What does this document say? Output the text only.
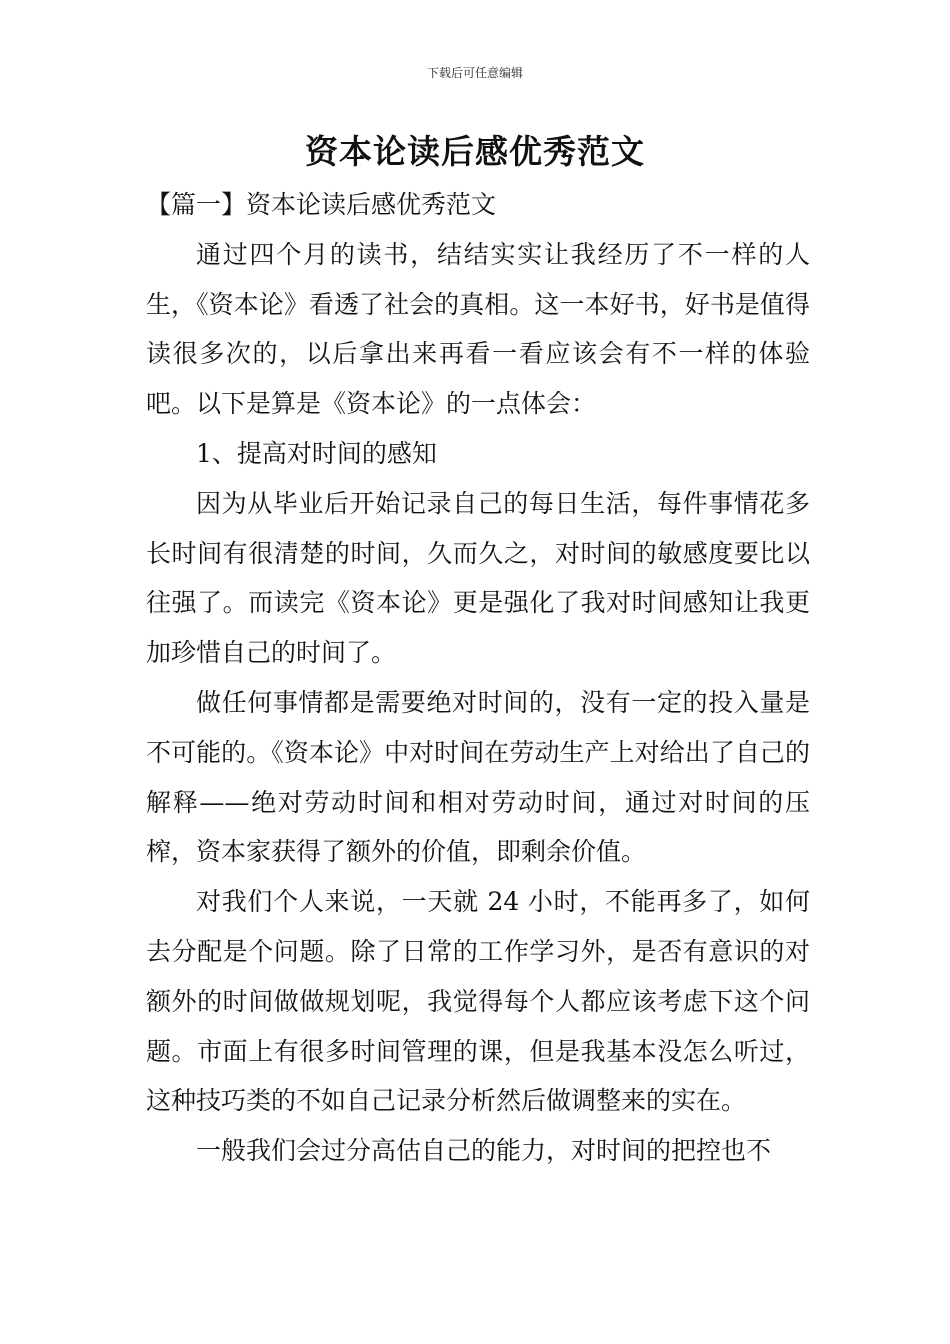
下载后可任意编辑
资本论读后感优秀范文

【篇一】资本论读后感优秀范文

通过四个月的读书，结结实实让我经历了不一样的人生，《资本论》看透了社会的真相。这一本好书，好书是值得读很多次的，以后拿出来再看一看应该会有不一样的体验吧。以下是算是《资本论》的一点体会：

1、提高对时间的感知

因为从毕业后开始记录自己的每日生活，每件事情花多长时间有很清楚的时间，久而久之，对时间的敏感度要比以往强了。而读完《资本论》更是强化了我对时间感知让我更加珍惜自己的时间了。

做任何事情都是需要绝对时间的，没有一定的投入量是不可能的。《资本论》中对时间在劳动生产上对给出了自己的解释——绝对劳动时间和相对劳动时间，通过对时间的压榨，资本家获得了额外的价值，即剩余价值。

对我们个人来说，一天就 24 小时，不能再多了，如何去分配是个问题。除了日常的工作学习外，是否有意识的对额外的时间做做规划呢，我觉得每个人都应该考虑下这个问题。市面上有很多时间管理的课，但是我基本没怎么听过，这种技巧类的不如自己记录分析然后做调整来的实在。

一般我们会过分高估自己的能力，对时间的把控也不
